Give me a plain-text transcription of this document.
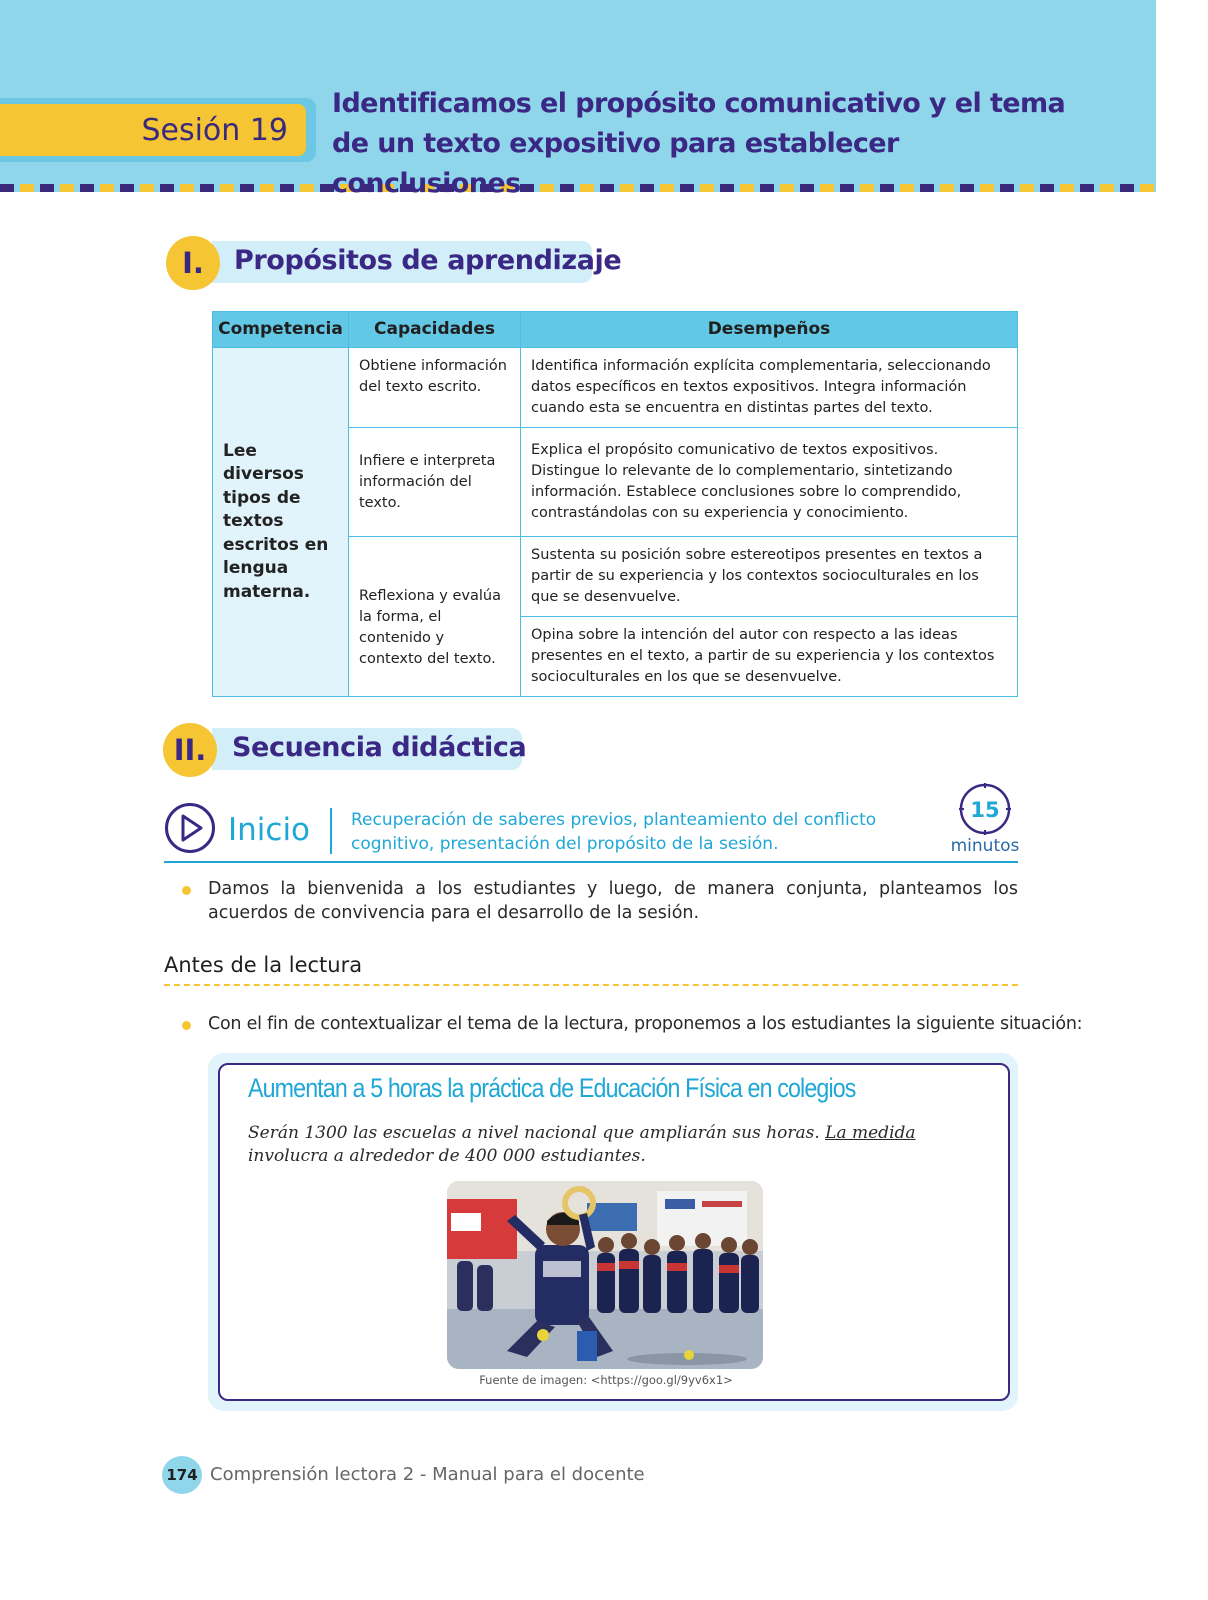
Sesión 19
Identificamos el propósito comunicativo y el tema de un texto expositivo para establecer conclusiones
I.	Propósitos de aprendizaje
Competencia	Capacidades	Desempeños
Lee diversos tipos de textos escritos en lengua materna.	Obtiene información del texto escrito.	Identifica información explícita complementaria, seleccionando datos específicos en textos expositivos. Integra información cuando esta se encuentra en distintas partes del texto.
	Infiere e interpreta información del texto.	Explica el propósito comunicativo de textos expositivos. Distingue lo relevante de lo complementario, sintetizando información. Establece conclusiones sobre lo comprendido, contrastándolas con su experiencia y conocimiento.
	Reflexiona y evalúa la forma, el contenido y contexto del texto.	Sustenta su posición sobre estereotipos presentes en textos a partir de su experiencia y los contextos socioculturales en los que se desenvuelve.
		Opina sobre la intención del autor con respecto a las ideas presentes en el texto, a partir de su experiencia y los contextos socioculturales en los que se desenvuelve.
II. Secuencia didáctica
Inicio Recuperación de saberes previos, planteamiento del conflicto cognitivo, presentación del propósito de la sesión.
15
minutos
Damos la bienvenida a los estudiantes y luego, de manera conjunta, planteamos los acuerdos de convivencia para el desarrollo de la sesión.
Antes de la lectura
Con el fin de contextualizar el tema de la lectura, proponemos a los estudiantes la siguiente situación:
Aumentan a 5 horas la práctica de Educación Física en colegios
Serán 1300 las escuelas a nivel nacional que ampliarán sus horas. La medida involucra a alrededor de 400 000 estudiantes.
Fuente de imagen: <https://goo.gl/9yv6x1>
174 Comprensión lectora 2 - Manual para el docente
